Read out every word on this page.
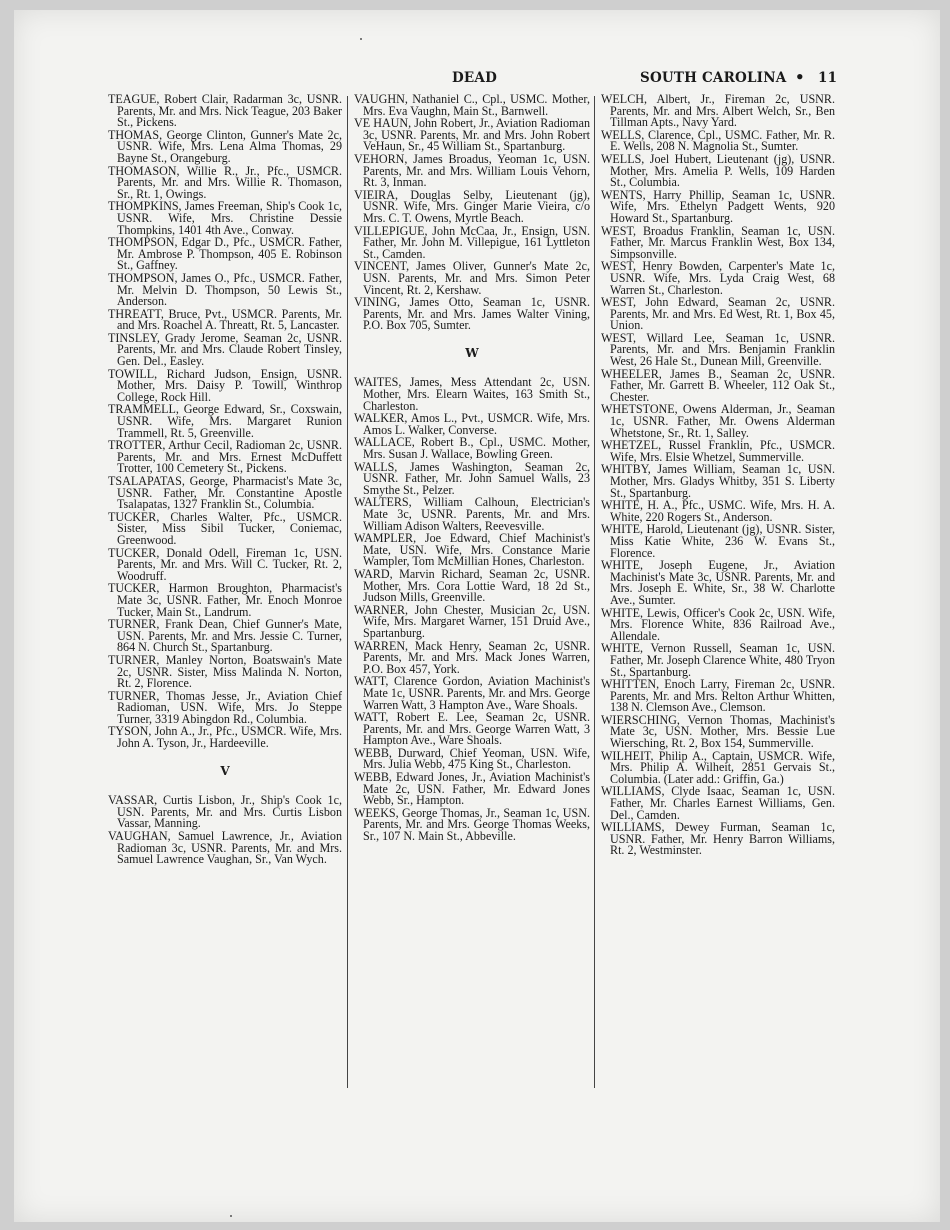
DEAD	SOUTH CAROLINA • 11
TEAGUE, Robert Clair, Radarman 3c, USNR. Parents, Mr. and Mrs. Nick Teague, 203 Baker St., Pickens.
THOMAS, George Clinton, Gunner's Mate 2c, USNR. Wife, Mrs. Lena Alma Thomas, 29 Bayne St., Orangeburg.
THOMASON, Willie R., Jr., Pfc., USMCR. Parents, Mr. and Mrs. Willie R. Thomason, Sr., Rt. 1, Owings.
THOMPKINS, James Freeman, Ship's Cook 1c, USNR. Wife, Mrs. Christine Dessie Thompkins, 1401 4th Ave., Conway.
THOMPSON, Edgar D., Pfc., USMCR. Father, Mr. Ambrose P. Thompson, 405 E. Robinson St., Gaffney.
THOMPSON, James O., Pfc., USMCR. Father, Mr. Melvin D. Thompson, 50 Lewis St., Anderson.
THREATT, Bruce, Pvt., USMCR. Parents, Mr. and Mrs. Roachel A. Threatt, Rt. 5, Lancaster.
TINSLEY, Grady Jerome, Seaman 2c, USNR. Parents, Mr. and Mrs. Claude Robert Tinsley, Gen. Del., Easley.
TOWILL, Richard Judson, Ensign, USNR. Mother, Mrs. Daisy P. Towill, Winthrop College, Rock Hill.
TRAMMELL, George Edward, Sr., Coxswain, USNR. Wife, Mrs. Margaret Runion Trammell, Rt. 5, Greenville.
TROTTER, Arthur Cecil, Radioman 2c, USNR. Parents, Mr. and Mrs. Ernest McDuffett Trotter, 100 Cemetery St., Pickens.
TSALAPATAS, George, Pharmacist's Mate 3c, USNR. Father, Mr. Constantine Apostle Tsalapatas, 1327 Franklin St., Columbia.
TUCKER, Charles Walter, Pfc., USMCR. Sister, Miss Sibil Tucker, Coniemac, Greenwood.
TUCKER, Donald Odell, Fireman 1c, USN. Parents, Mr. and Mrs. Will C. Tucker, Rt. 2, Woodruff.
TUCKER, Harmon Broughton, Pharmacist's Mate 3c, USNR. Father, Mr. Enoch Monroe Tucker, Main St., Landrum.
TURNER, Frank Dean, Chief Gunner's Mate, USN. Parents, Mr. and Mrs. Jessie C. Turner, 864 N. Church St., Spartanburg.
TURNER, Manley Norton, Boatswain's Mate 2c, USNR. Sister, Miss Malinda N. Norton, Rt. 2, Florence.
TURNER, Thomas Jesse, Jr., Aviation Chief Radioman, USN. Wife, Mrs. Jo Steppe Turner, 3319 Abingdon Rd., Columbia.
TYSON, John A., Jr., Pfc., USMCR. Wife, Mrs. John A. Tyson, Jr., Hardeeville.
V
VASSAR, Curtis Lisbon, Jr., Ship's Cook 1c, USN. Parents, Mr. and Mrs. Curtis Lisbon Vassar, Manning.
VAUGHAN, Samuel Lawrence, Jr., Aviation Radioman 3c, USNR. Parents, Mr. and Mrs. Samuel Lawrence Vaughan, Sr., Van Wych.
VAUGHN, Nathaniel C., Cpl., USMC. Mother, Mrs. Eva Vaughn, Main St., Barnwell.
VE HAUN, John Robert, Jr., Aviation Radioman 3c, USNR. Parents, Mr. and Mrs. John Robert VeHaun, Sr., 45 William St., Spartanburg.
VEHORN, James Broadus, Yeoman 1c, USN. Parents, Mr. and Mrs. William Louis Vehorn, Rt. 3, Inman.
VIEIRA, Douglas Selby, Lieutenant (jg), USNR. Wife, Mrs. Ginger Marie Vieira, c/o Mrs. C. T. Owens, Myrtle Beach.
VILLEPIGUE, John McCaa, Jr., Ensign, USN. Father, Mr. John M. Villepigue, 161 Lyttleton St., Camden.
VINCENT, James Oliver, Gunner's Mate 2c, USN. Parents, Mr. and Mrs. Simon Peter Vincent, Rt. 2, Kershaw.
VINING, James Otto, Seaman 1c, USNR. Parents, Mr. and Mrs. James Walter Vining, P.O. Box 705, Sumter.
W
WAITES, James, Mess Attendant 2c, USN. Mother, Mrs. Elearn Waites, 163 Smith St., Charleston.
WALKER, Amos L., Pvt., USMCR. Wife, Mrs. Amos L. Walker, Converse.
WALLACE, Robert B., Cpl., USMC. Mother, Mrs. Susan J. Wallace, Bowling Green.
WALLS, James Washington, Seaman 2c, USNR. Father, Mr. John Samuel Walls, 23 Smythe St., Pelzer.
WALTERS, William Calhoun, Electrician's Mate 3c, USNR. Parents, Mr. and Mrs. William Adison Walters, Reevesville.
WAMPLER, Joe Edward, Chief Machinist's Mate, USN. Wife, Mrs. Constance Marie Wampler, Tom McMillian Hones, Charleston.
WARD, Marvin Richard, Seaman 2c, USNR. Mother, Mrs. Cora Lottie Ward, 18 2d St., Judson Mills, Greenville.
WARNER, John Chester, Musician 2c, USN. Wife, Mrs. Margaret Warner, 151 Druid Ave., Spartanburg.
WARREN, Mack Henry, Seaman 2c, USNR. Parents, Mr. and Mrs. Mack Jones Warren, P.O. Box 457, York.
WATT, Clarence Gordon, Aviation Machinist's Mate 1c, USNR. Parents, Mr. and Mrs. George Warren Watt, 3 Hampton Ave., Ware Shoals.
WATT, Robert E. Lee, Seaman 2c, USNR. Parents, Mr. and Mrs. George Warren Watt, 3 Hampton Ave., Ware Shoals.
WEBB, Durward, Chief Yeoman, USN. Wife, Mrs. Julia Webb, 475 King St., Charleston.
WEBB, Edward Jones, Jr., Aviation Machinist's Mate 2c, USN. Father, Mr. Edward Jones Webb, Sr., Hampton.
WEEKS, George Thomas, Jr., Seaman 1c, USN. Parents, Mr. and Mrs. George Thomas Weeks, Sr., 107 N. Main St., Abbeville.
WELCH, Albert, Jr., Fireman 2c, USNR. Parents, Mr. and Mrs. Albert Welch, Sr., Ben Tillman Apts., Navy Yard.
WELLS, Clarence, Cpl., USMC. Father, Mr. R. E. Wells, 208 N. Magnolia St., Sumter.
WELLS, Joel Hubert, Lieutenant (jg), USNR. Mother, Mrs. Amelia P. Wells, 109 Harden St., Columbia.
WENTS, Harry Phillip, Seaman 1c, USNR. Wife, Mrs. Ethelyn Padgett Wents, 920 Howard St., Spartanburg.
WEST, Broadus Franklin, Seaman 1c, USN. Father, Mr. Marcus Franklin West, Box 134, Simpsonville.
WEST, Henry Bowden, Carpenter's Mate 1c, USNR. Wife, Mrs. Lyda Craig West, 68 Warren St., Charleston.
WEST, John Edward, Seaman 2c, USNR. Parents, Mr. and Mrs. Ed West, Rt. 1, Box 45, Union.
WEST, Willard Lee, Seaman 1c, USNR. Parents, Mr. and Mrs. Benjamin Franklin West, 26 Hale St., Dunean Mill, Greenville.
WHEELER, James B., Seaman 2c, USNR. Father, Mr. Garrett B. Wheeler, 112 Oak St., Chester.
WHETSTONE, Owens Alderman, Jr., Seaman 1c, USNR. Father, Mr. Owens Alderman Whetstone, Sr., Rt. 1, Salley.
WHETZEL, Russel Franklin, Pfc., USMCR. Wife, Mrs. Elsie Whetzel, Summerville.
WHITBY, James William, Seaman 1c, USN. Mother, Mrs. Gladys Whitby, 351 S. Liberty St., Spartanburg.
WHITE, H. A., Pfc., USMC. Wife, Mrs. H. A. White, 220 Rogers St., Anderson.
WHITE, Harold, Lieutenant (jg), USNR. Sister, Miss Katie White, 236 W. Evans St., Florence.
WHITE, Joseph Eugene, Jr., Aviation Machinist's Mate 3c, USNR. Parents, Mr. and Mrs. Joseph E. White, Sr., 38 W. Charlotte Ave., Sumter.
WHITE, Lewis, Officer's Cook 2c, USN. Wife, Mrs. Florence White, 836 Railroad Ave., Allendale.
WHITE, Vernon Russell, Seaman 1c, USN. Father, Mr. Joseph Clarence White, 480 Tryon St., Spartanburg.
WHITTEN, Enoch Larry, Fireman 2c, USNR. Parents, Mr. and Mrs. Relton Arthur Whitten, 138 N. Clemson Ave., Clemson.
WIERSCHING, Vernon Thomas, Machinist's Mate 3c, USN. Mother, Mrs. Bessie Lue Wiersching, Rt. 2, Box 154, Summerville.
WILHEIT, Philip A., Captain, USMCR. Wife, Mrs. Philip A. Wilheit, 2851 Gervais St., Columbia. (Later add.: Griffin, Ga.)
WILLIAMS, Clyde Isaac, Seaman 1c, USN. Father, Mr. Charles Earnest Williams, Gen. Del., Camden.
WILLIAMS, Dewey Furman, Seaman 1c, USNR. Father, Mr. Henry Barron Williams, Rt. 2, Westminster.
